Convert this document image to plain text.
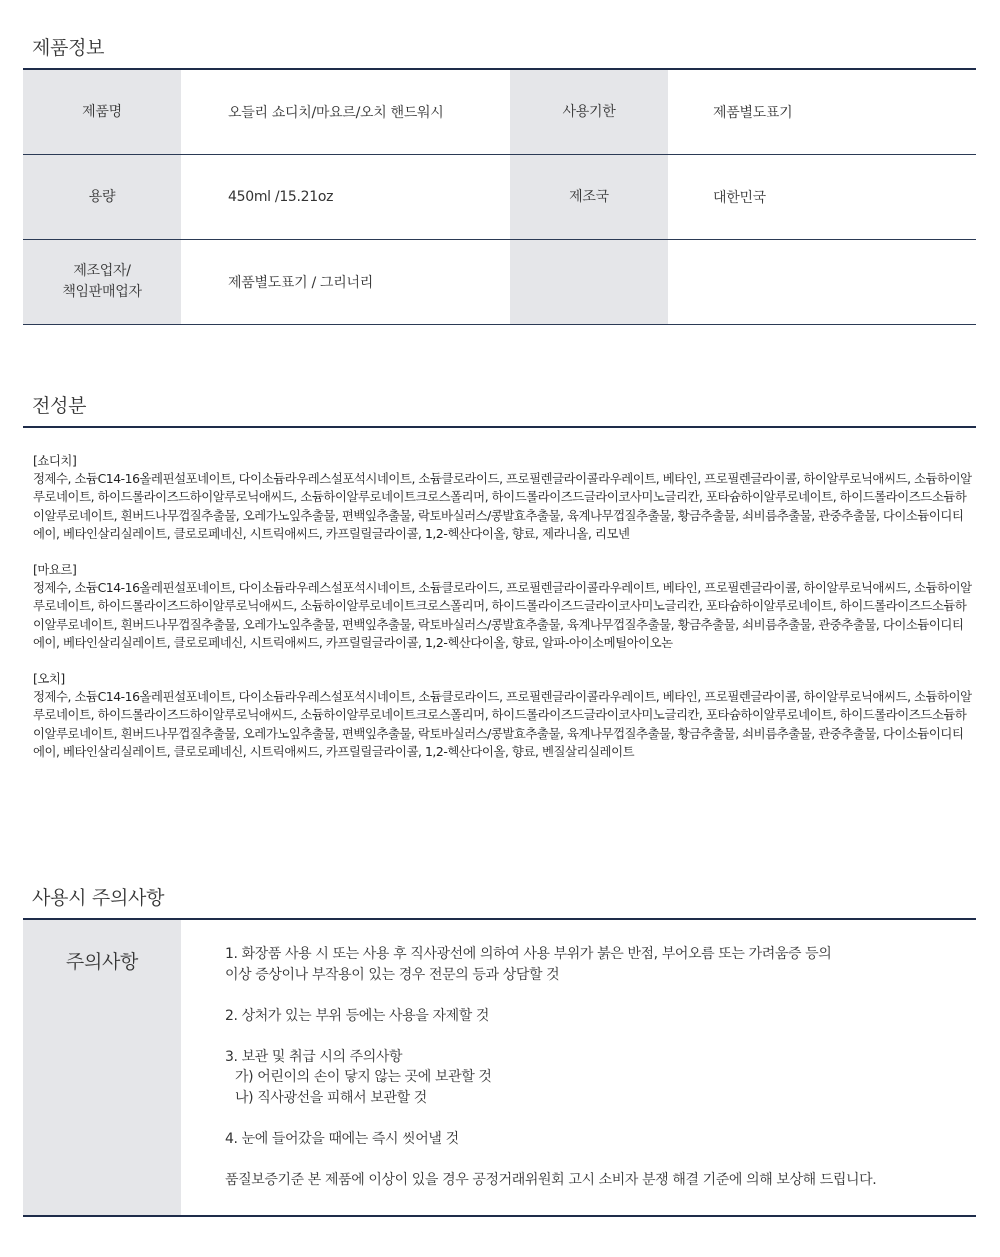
제품정보
제품명	오들리 쇼디치/마요르/오치 핸드워시	사용기한	제품별도표기
용량	450ml /15.21oz	제조국	대한민국

제조업자/
책임판매업자	제품별도표기 / 그리너리		
전성분
[쇼디치]
정제수, 소듐C14-16올레핀설포네이트, 다이소듐라우레스설포석시네이트, 소듐클로라이드, 프로필렌글라이콜라우레이트, 베타인, 프로필렌글라이콜, 하이알루로닉애씨드, 소듐하이알루로네이트, 하이드롤라이즈드하이알루로닉애씨드, 소듐하이알루로네이트크로스폴리머, 하이드롤라이즈드글라이코사미노글리칸, 포타슘하이알루로네이트, 하이드롤라이즈드소듐하이알루로네이트, 흰버드나무껍질추출물, 오레가노잎추출물, 편백잎추출물, 락토바실러스/콩발효추출물, 육계나무껍질추출물, 황금추출물, 쇠비름추출물, 관중추출물, 다이소듐이디티에이, 베타인살리실레이트, 클로로페네신, 시트릭애씨드, 카프릴릴글라이콜, 1,2-헥산다이올, 향료, 제라니올, 리모넨
[마요르]
정제수, 소듐C14-16올레핀설포네이트, 다이소듐라우레스설포석시네이트, 소듐클로라이드, 프로필렌글라이콜라우레이트, 베타인, 프로필렌글라이콜, 하이알루로닉애씨드, 소듐하이알루로네이트, 하이드롤라이즈드하이알루로닉애씨드, 소듐하이알루로네이트크로스폴리머, 하이드롤라이즈드글라이코사미노글리칸, 포타슘하이알루로네이트, 하이드롤라이즈드소듐하이알루로네이트, 흰버드나무껍질추출물, 오레가노잎추출물, 편백잎추출물, 락토바실러스/콩발효추출물, 육계나무껍질추출물, 황금추출물, 쇠비름추출물, 관중추출물, 다이소듐이디티에이, 베타인살리실레이트, 클로로페네신, 시트릭애씨드, 카프릴릴글라이콜, 1,2-헥산다이올, 향료, 알파-아이소메틸아이오논
[오치]
정제수, 소듐C14-16올레핀설포네이트, 다이소듐라우레스설포석시네이트, 소듐클로라이드, 프로필렌글라이콜라우레이트, 베타인, 프로필렌글라이콜, 하이알루로닉애씨드, 소듐하이알루로네이트, 하이드롤라이즈드하이알루로닉애씨드, 소듐하이알루로네이트크로스폴리머, 하이드롤라이즈드글라이코사미노글리칸, 포타슘하이알루로네이트, 하이드롤라이즈드소듐하이알루로네이트, 흰버드나무껍질추출물, 오레가노잎추출물, 편백잎추출물, 락토바실러스/콩발효추출물, 육계나무껍질추출물, 황금추출물, 쇠비름추출물, 관중추출물, 다이소듐이디티에이, 베타인살리실레이트, 클로로페네신, 시트릭애씨드, 카프릴릴글라이콜, 1,2-헥산다이올, 향료, 벤질살리실레이트
사용시 주의사항
주의사항	1. 화장품 사용 시 또는 사용 후 직사광선에 의하여 사용 부위가 붉은 반점, 부어오름 또는 가려움증 등의

이상 증상이나 부작용이 있는 경우 전문의 등과 상담할 것

2. 상처가 있는 부위 등에는 사용을 자제할 것

3. 보관 및 취급 시의 주의사항

가) 어린이의 손이 닿지 않는 곳에 보관할 것

나) 직사광선을 피해서 보관할 것

4. 눈에 들어갔을 때에는 즉시 씻어낼 것

품질보증기준 본 제품에 이상이 있을 경우 공정거래위원회 고시 소비자 분쟁 해결 기준에 의해 보상해 드립니다.
